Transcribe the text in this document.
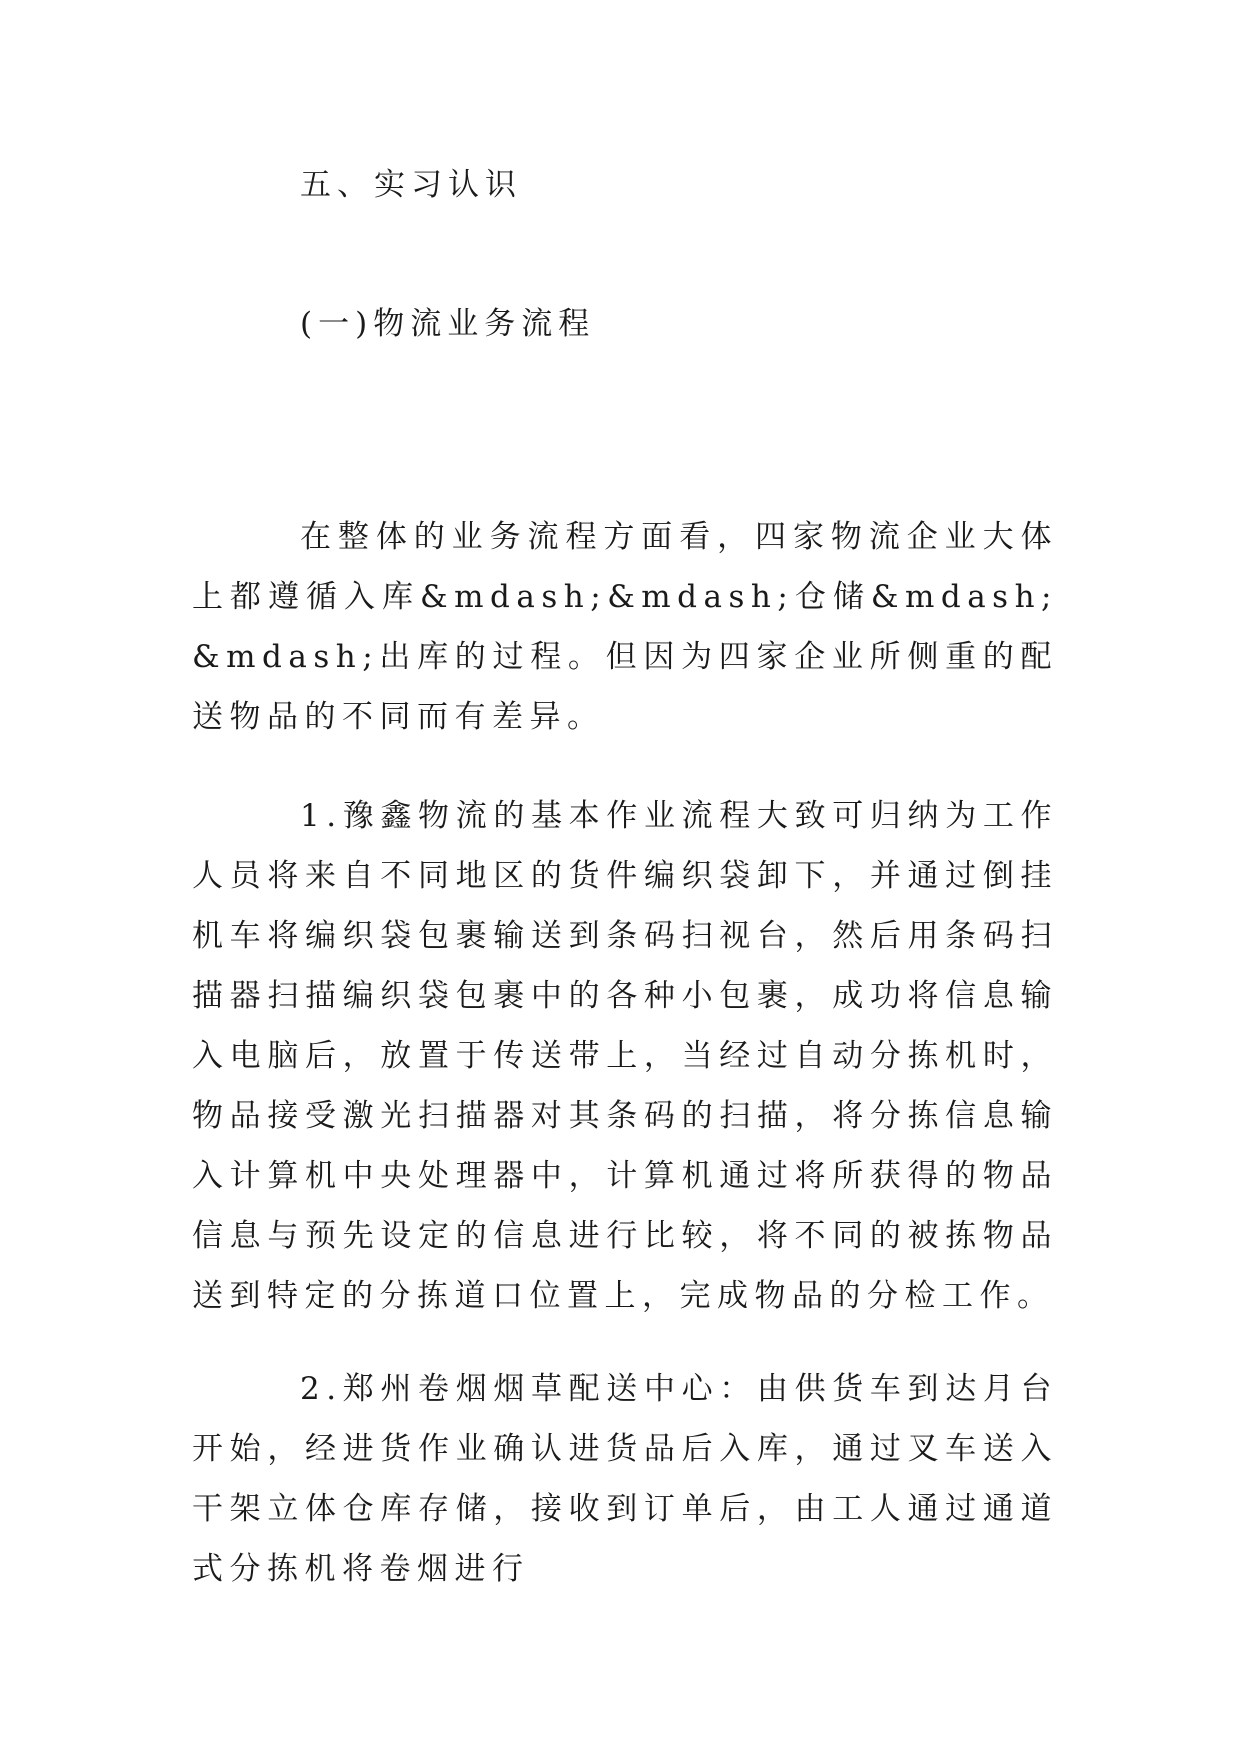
五、实习认识
(一)物流业务流程

在整体的业务流程方面看，四家物流企业大体上都遵循入库&mdash;&mdash;仓储&mdash;&mdash;出库的过程。但因为四家企业所侧重的配送物品的不同而有差异。

1.豫鑫物流的基本作业流程大致可归纳为工作人员将来自不同地区的货件编织袋卸下，并通过倒挂机车将编织袋包裹输送到条码扫视台，然后用条码扫描器扫描编织袋包裹中的各种小包裹，成功将信息输入电脑后，放置于传送带上，当经过自动分拣机时，物品接受激光扫描器对其条码的扫描，将分拣信息输入计算机中央处理器中，计算机通过将所获得的物品信息与预先设定的信息进行比较，将不同的被拣物品送到特定的分拣道口位置上，完成物品的分检工作。

2.郑州卷烟烟草配送中心：由供货车到达月台开始，经进货作业确认进货品后入库，通过叉车送入干架立体仓库存储，接收到订单后，由工人通过通道式分拣机将卷烟进行
